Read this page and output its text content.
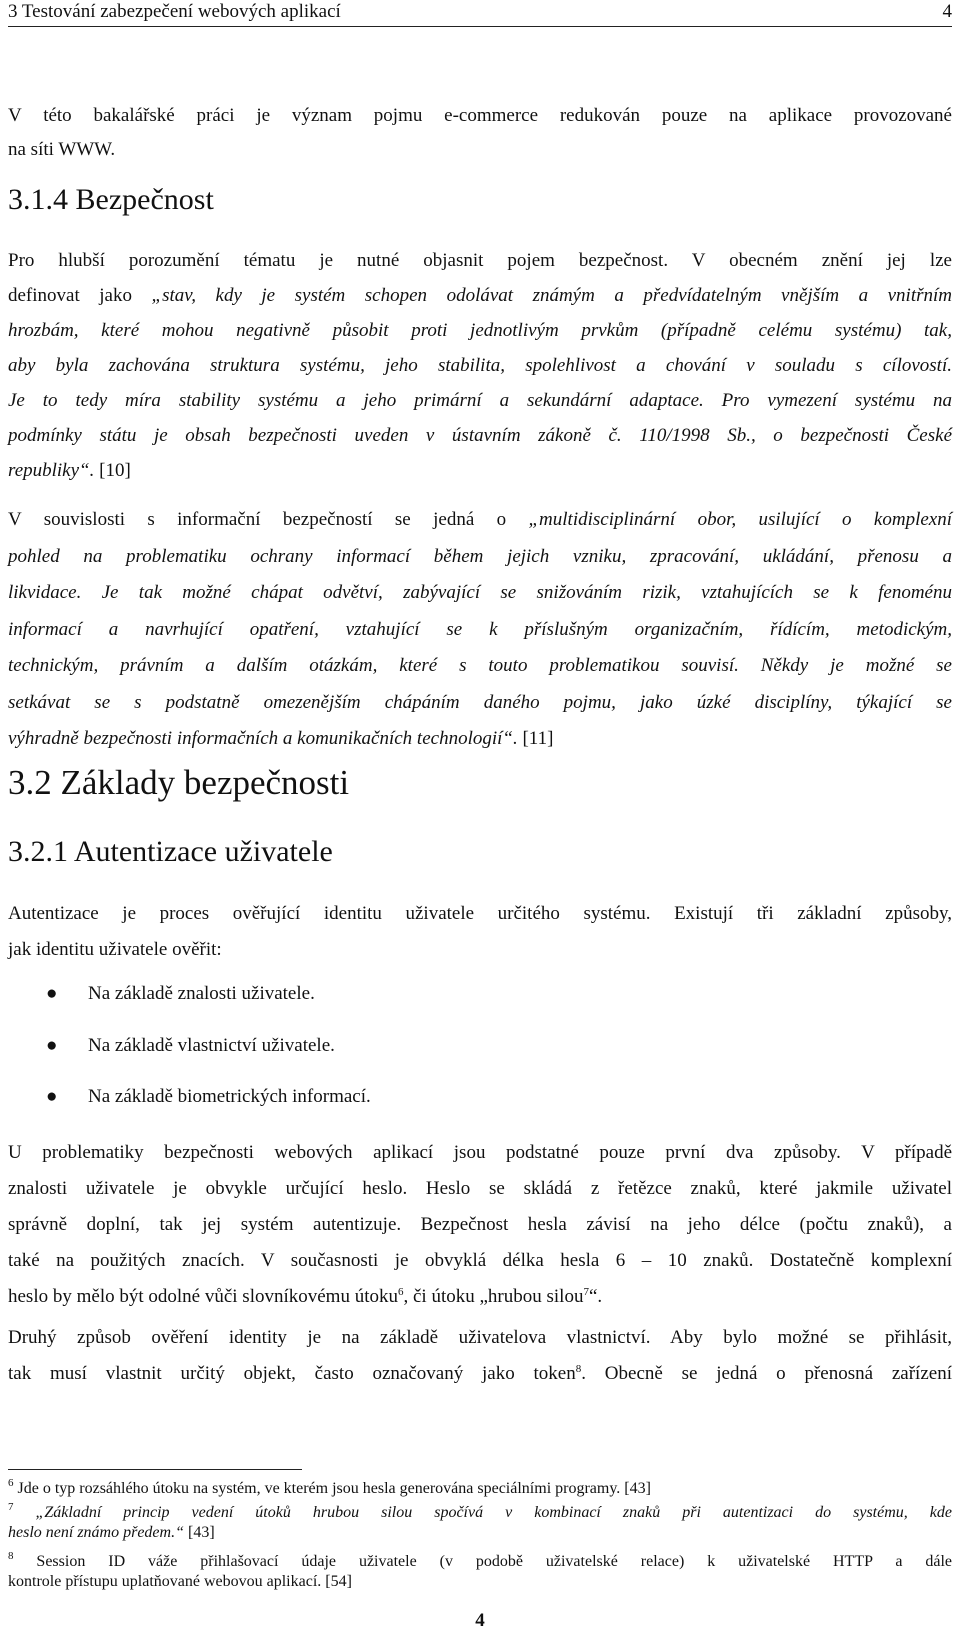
3 Testování zabezpečení webových aplikací	4
V této bakalářské práci je význam pojmu e-commerce redukován pouze na aplikace provozované
na síti WWW.
3.1.4 Bezpečnost
Pro hlubší porozumění tématu je nutné objasnit pojem bezpečnost. V obecném znění jej lze
definovat jako „stav, kdy je systém schopen odolávat známým a předvídatelným vnějším a vnitřním
hrozbám, které mohou negativně působit proti jednotlivým prvkům (případně celému systému) tak,
aby byla zachována struktura systému, jeho stabilita, spolehlivost a chování v souladu s cílovostí.
Je to tedy míra stability systému a jeho primární a sekundární adaptace. Pro vymezení systému na
podmínky státu je obsah bezpečnosti uveden v ústavním zákoně č. 110/1998 Sb., o bezpečnosti České
republiky“. [10]
V souvislosti s informační bezpečností se jedná o „multidisciplinární obor, usilující o komplexní
pohled na problematiku ochrany informací během jejich vzniku, zpracování, ukládání, přenosu a
likvidace. Je tak možné chápat odvětví, zabývající se snižováním rizik, vztahujících se k fenoménu
informací a navrhující opatření, vztahující se k příslušným organizačním, řídícím, metodickým,
technickým, právním a dalším otázkám, které s touto problematikou souvisí. Někdy je možné se
setkávat se s podstatně omezenějším chápáním daného pojmu, jako úzké disciplíny, týkající se
výhradně bezpečnosti informačních a komunikačních technologií“. [11]
3.2 Základy bezpečnosti
3.2.1 Autentizace uživatele
Autentizace je proces ověřující identitu uživatele určitého systému. Existují tři základní způsoby,
jak identitu uživatele ověřit:
● Na základě znalosti uživatele.
● Na základě vlastnictví uživatele.
● Na základě biometrických informací.
U problematiky bezpečnosti webových aplikací jsou podstatné pouze první dva způsoby. V případě
znalosti uživatele je obvykle určující heslo. Heslo se skládá z řetězce znaků, které jakmile uživatel
správně doplní, tak jej systém autentizuje. Bezpečnost hesla závisí na jeho délce (počtu znaků), a
také na použitých znacích. V současnosti je obvyklá délka hesla 6 – 10 znaků. Dostatečně komplexní
heslo by mělo být odolné vůči slovníkovému útoku$^6$, či útoku „hrubou silou$^7$“.
Druhý způsob ověření identity je na základě uživatelova vlastnictví. Aby bylo možné se přihlásit,
tak musí vlastnit určitý objekt, často označovaný jako token$^8$. Obecně se jedná o přenosná zařízení
$^6$ Jde o typ rozsáhlého útoku na systém, ve kterém jsou hesla generována speciálními programy. [43]
$^7$ „Základní princip vedení útoků hrubou silou spočívá v kombinací znaků při autentizaci do systému, kde
heslo není známo předem.“ [43]
$^8$ Session ID váže přihlašovací údaje uživatele (v podobě uživatelské relace) k uživatelské HTTP a dále
kontrole přístupu uplatňované webovou aplikací. [54]
4
